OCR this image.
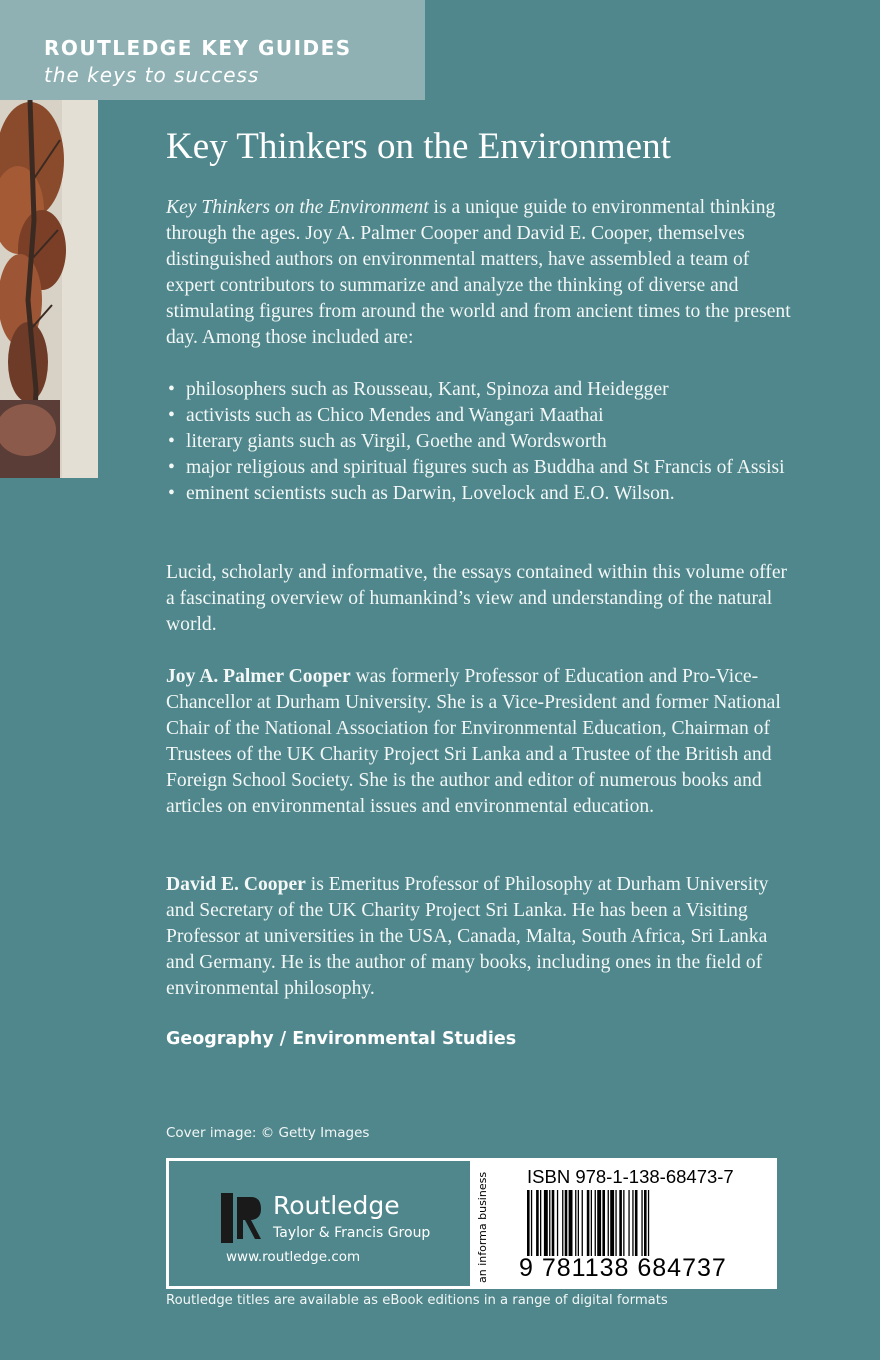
ROUTLEDGE KEY GUIDES
the keys to success
Key Thinkers on the Environment

Key Thinkers on the Environment is a unique guide to environmental thinking through the ages. Joy A. Palmer Cooper and David E. Cooper, themselves distinguished authors on environmental matters, have assembled a team of expert contributors to summarize and analyze the thinking of diverse and stimulating figures from around the world and from ancient times to the present day. Among those included are:

• philosophers such as Rousseau, Kant, Spinoza and Heidegger
• activists such as Chico Mendes and Wangari Maathai
• literary giants such as Virgil, Goethe and Wordsworth
• major religious and spiritual figures such as Buddha and St Francis of Assisi
• eminent scientists such as Darwin, Lovelock and E.O. Wilson.

Lucid, scholarly and informative, the essays contained within this volume offer a fascinating overview of humankind’s view and understanding of the natural world.

Joy A. Palmer Cooper was formerly Professor of Education and Pro-Vice-Chancellor at Durham University. She is a Vice-President and former National Chair of the National Association for Environmental Education, Chairman of Trustees of the UK Charity Project Sri Lanka and a Trustee of the British and Foreign School Society. She is the author and editor of numerous books and articles on environmental issues and environmental education.

David E. Cooper is Emeritus Professor of Philosophy at Durham University and Secretary of the UK Charity Project Sri Lanka. He has been a Visiting Professor at universities in the USA, Canada, Malta, South Africa, Sri Lanka and Germany. He is the author of many books, including ones in the field of environmental philosophy.

Geography / Environmental Studies
Cover image: © Getty Images
Routledge
Taylor & Francis Group
www.routledge.com	an informa business ISBN 978-1-138-68473-7
9 781138 684737
Routledge titles are available as eBook editions in a range of digital formats
